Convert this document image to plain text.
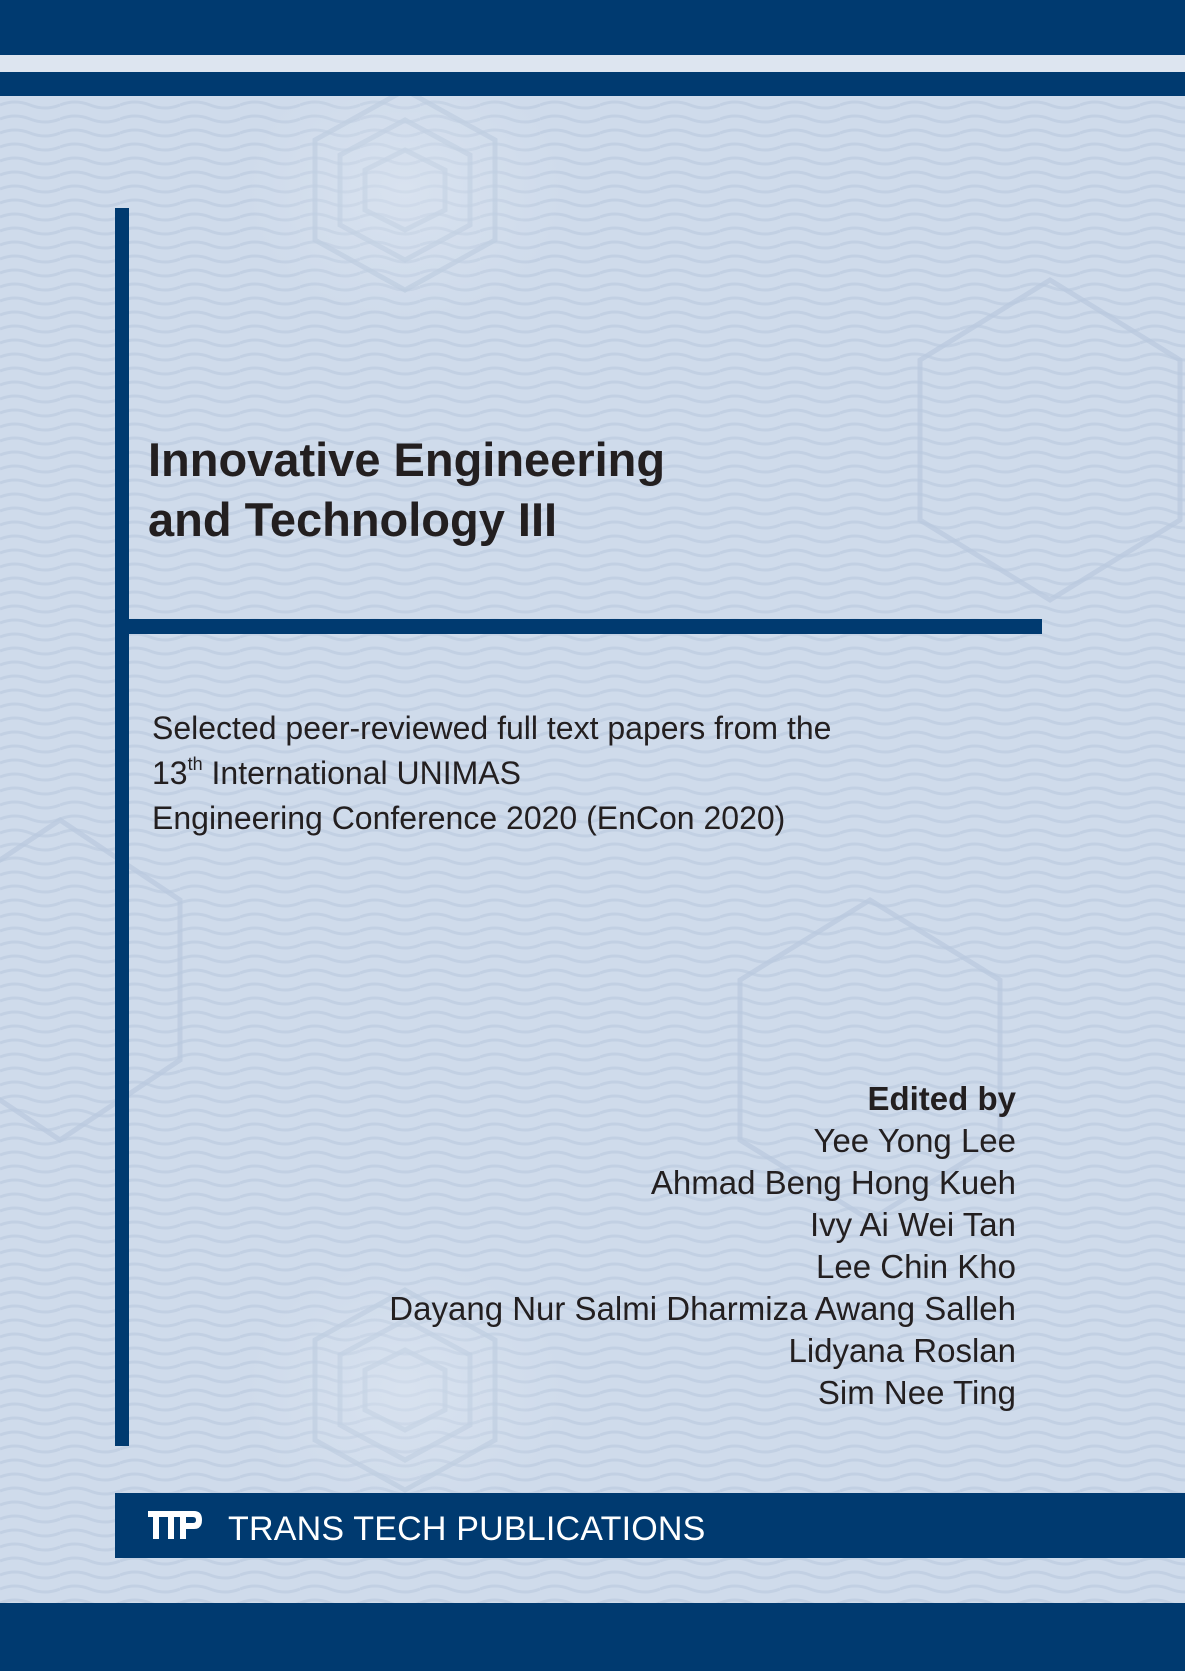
Innovative Engineering
and Technology III

Selected peer-reviewed full text papers from the
13th International UNIMAS
Engineering Conference 2020 (EnCon 2020)

Edited by
Yee Yong Lee
Ahmad Beng Hong Kueh
Ivy Ai Wei Tan
Lee Chin Kho
Dayang Nur Salmi Dharmiza Awang Salleh
Lidyana Roslan
Sim Nee Ting
TRANS TECH PUBLICATIONS
